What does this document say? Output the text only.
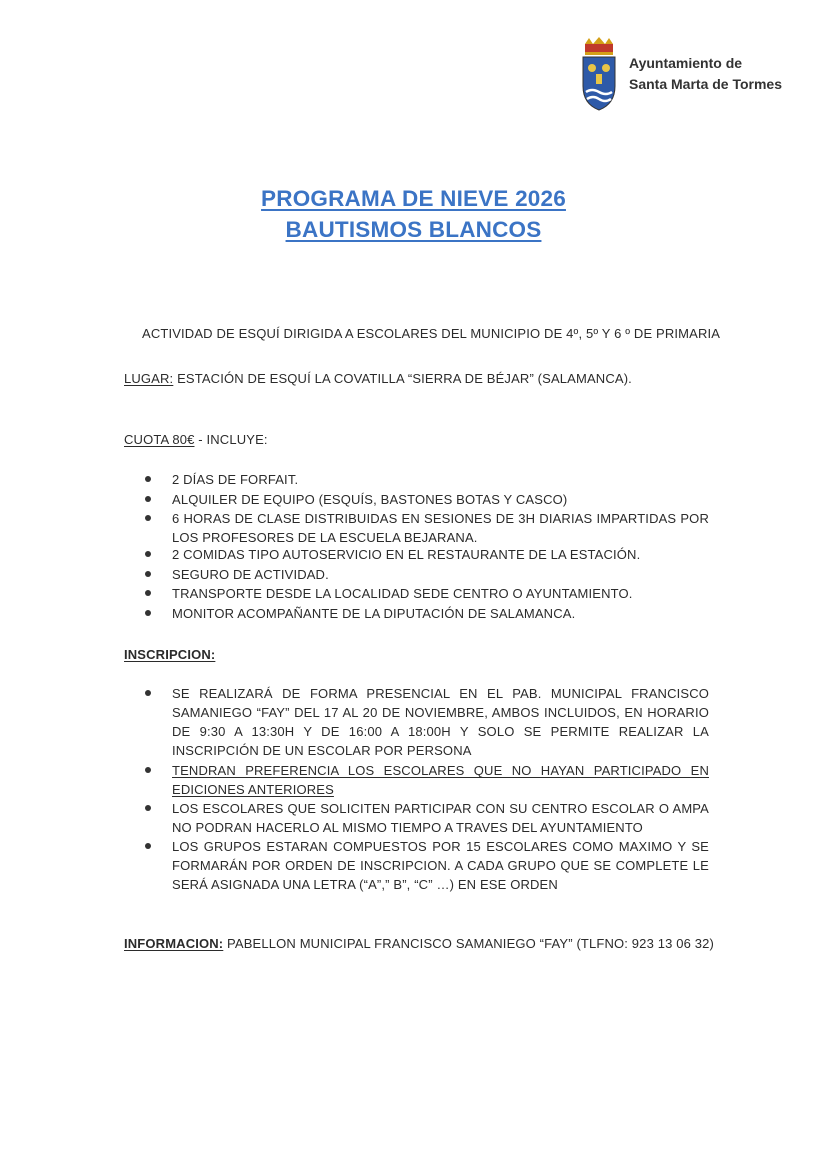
Ayuntamiento de
Santa Marta de Tormes
PROGRAMA DE NIEVE 2026
BAUTISMOS BLANCOS
ACTIVIDAD DE ESQUÍ DIRIGIDA A ESCOLARES DEL MUNICIPIO DE 4º, 5º Y 6 º DE PRIMARIA
LUGAR: ESTACIÓN DE ESQUÍ LA COVATILLA “SIERRA DE BÉJAR” (SALAMANCA).
CUOTA 80€ - INCLUYE:
2 DÍAS DE FORFAIT.
ALQUILER DE EQUIPO (ESQUÍS, BASTONES BOTAS Y CASCO)
6 HORAS DE CLASE DISTRIBUIDAS EN SESIONES DE 3H DIARIAS IMPARTIDAS POR LOS PROFESORES DE LA ESCUELA BEJARANA.
2 COMIDAS TIPO AUTOSERVICIO EN EL RESTAURANTE DE LA ESTACIÓN.
SEGURO DE ACTIVIDAD.
TRANSPORTE DESDE LA LOCALIDAD SEDE CENTRO O AYUNTAMIENTO.
MONITOR ACOMPAÑANTE DE LA DIPUTACIÓN DE SALAMANCA.
INSCRIPCION:
SE REALIZARÁ DE FORMA PRESENCIAL EN EL PAB. MUNICIPAL FRANCISCO SAMANIEGO “FAY” DEL 17 AL 20 DE NOVIEMBRE, AMBOS INCLUIDOS, EN HORARIO DE 9:30 A 13:30H Y DE 16:00 A 18:00H Y SOLO SE PERMITE REALIZAR LA INSCRIPCIÓN DE UN ESCOLAR POR PERSONA
TENDRAN PREFERENCIA LOS ESCOLARES QUE NO HAYAN PARTICIPADO EN EDICIONES ANTERIORES
LOS ESCOLARES QUE SOLICITEN PARTICIPAR CON SU CENTRO ESCOLAR O AMPA NO PODRAN HACERLO AL MISMO TIEMPO A TRAVES DEL AYUNTAMIENTO
LOS GRUPOS ESTARAN COMPUESTOS POR 15 ESCOLARES COMO MAXIMO Y SE FORMARÁN POR ORDEN DE INSCRIPCION. A CADA GRUPO QUE SE COMPLETE LE SERÁ ASIGNADA UNA LETRA (“A”,” B”, “C” …) EN ESE ORDEN
INFORMACION: PABELLON MUNICIPAL FRANCISCO SAMANIEGO “FAY” (TLFNO: 923 13 06 32)
